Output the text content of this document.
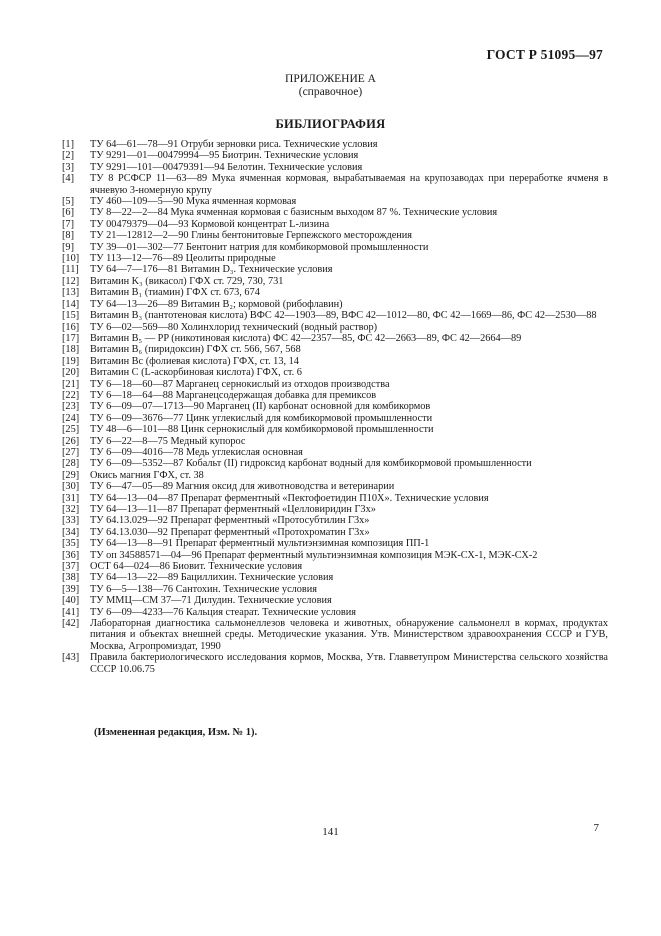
ГОСТ Р 51095—97
ПРИЛОЖЕНИЕ А
(справочное)
БИБЛИОГРАФИЯ
[1]	ТУ 64—61—78—91 Отруби зерновки риса. Технические условия
[2]	ТУ 9291—01—00479994—95 Биотрин. Технические условия
[3]	ТУ 9291—101—00479391—94 Белотин. Технические условия
[4]	ТУ 8 РСФСР 11—63—89 Мука ячменная кормовая, вырабатываемая на крупозаводах при переработке ячменя в ячневую 3-номерную крупу
[5]	ТУ 460—109—5—90 Мука ячменная кормовая
[6]	ТУ 8—22—2—84 Мука ячменная кормовая с базисным выходом 87 %. Технические условия
[7]	ТУ 00479379—04—93 Кормовой концентрат L-лизина
[8]	ТУ 21—12812—2—90 Глины бентонитовые Герпежского месторождения
[9]	ТУ 39—01—302—77 Бентонит натрия для комбикормовой промышленности
[10]	ТУ 113—12—76—89 Цеолиты природные
[11]	ТУ 64—7—176—81 Витамин D₃. Технические условия
[12]	Витамин K₃ (викасол) ГФХ ст. 729, 730, 731
[13]	Витамин B₁ (тиамин) ГФХ ст. 673, 674
[14]	ТУ 64—13—26—89 Витамин B₂; кормовой (рибофлавин)
[15]	Витамин B₃ (пантотеновая кислота) ВФС 42—1903—89, ВФС 42—1012—80, ФС 42—1669—86, ФС 42—2530—88
[16]	ТУ 6—02—569—80 Холинхлорид технический (водный раствор)
[17]	Витамин B₅ — PP (никотиновая кислота) ФС 42—2357—85, ФС 42—2663—89, ФС 42—2664—89
[18]	Витамин B₆ (пиридоксин) ГФХ ст. 566, 567, 568
[19]	Витамин Bc (фолиевая кислота) ГФХ, ст. 13, 14
[20]	Витамин С (L-аскорбиновая кислота) ГФХ, ст. 6
[21]	ТУ 6—18—60—87 Марганец сернокислый из отходов производства
[22]	ТУ 6—18—64—88 Марганецсодержащая добавка для премиксов
[23]	ТУ 6—09—07—1713—90 Марганец (II) карбонат основной для комбикормов
[24]	ТУ 6—09—3676—77 Цинк углекислый для комбикормовой промышленности
[25]	ТУ 48—6—101—88 Цинк сернокислый для комбикормовой промышленности
[26]	ТУ 6—22—8—75 Медный купорос
[27]	ТУ 6—09—4016—78 Медь углекислая основная
[28]	ТУ 6—09—5352—87 Кобальт (II) гидроксид карбонат водный для комбикормовой промышленности
[29]	Окись магния ГФХ, ст. 38
[30]	ТУ 6—47—05—89 Магния оксид для животноводства и ветеринарии
[31]	ТУ 64—13—04—87 Препарат ферментный «Пектофоетидин П10Х». Технические условия
[32]	ТУ 64—13—11—87 Препарат ферментный «Целловиридин Г3х»
[33]	ТУ 64.13.029—92 Препарат ферментный «Протосубтилин Г3х»
[34]	ТУ 64.13.030—92 Препарат ферментный «Протохроматин Г3х»
[35]	ТУ 64—13—8—91 Препарат ферментный мультиэнзимная композиция ПП-1
[36]	ТУ оп 34588571—04—96 Препарат ферментный мультиэнзимная композиция МЭК-СХ-1, МЭК-СХ-2
[37]	ОСТ 64—024—86 Биовит. Технические условия
[38]	ТУ 64—13—22—89 Бациллихин. Технические условия
[39]	ТУ 6—5—138—76 Сантохин. Технические условия
[40]	ТУ ММЦ—СМ 37—71 Дилудин. Технические условия
[41]	ТУ 6—09—4233—76 Кальция стеарат. Технические условия
[42]	Лабораторная диагностика сальмонеллезов человека и животных, обнаружение сальмонелл в кормах, продуктах питания и объектах внешней среды. Методические указания. Утв. Министерством здравоохранения СССР и ГУВ, Москва, Агропромиздат, 1990
[43]	Правила бактериологического исследования кормов, Москва, Утв. Главветупром Министерства сельского хозяйства СССР 10.06.75
(Измененная редакция, Изм. № 1).
141	7
